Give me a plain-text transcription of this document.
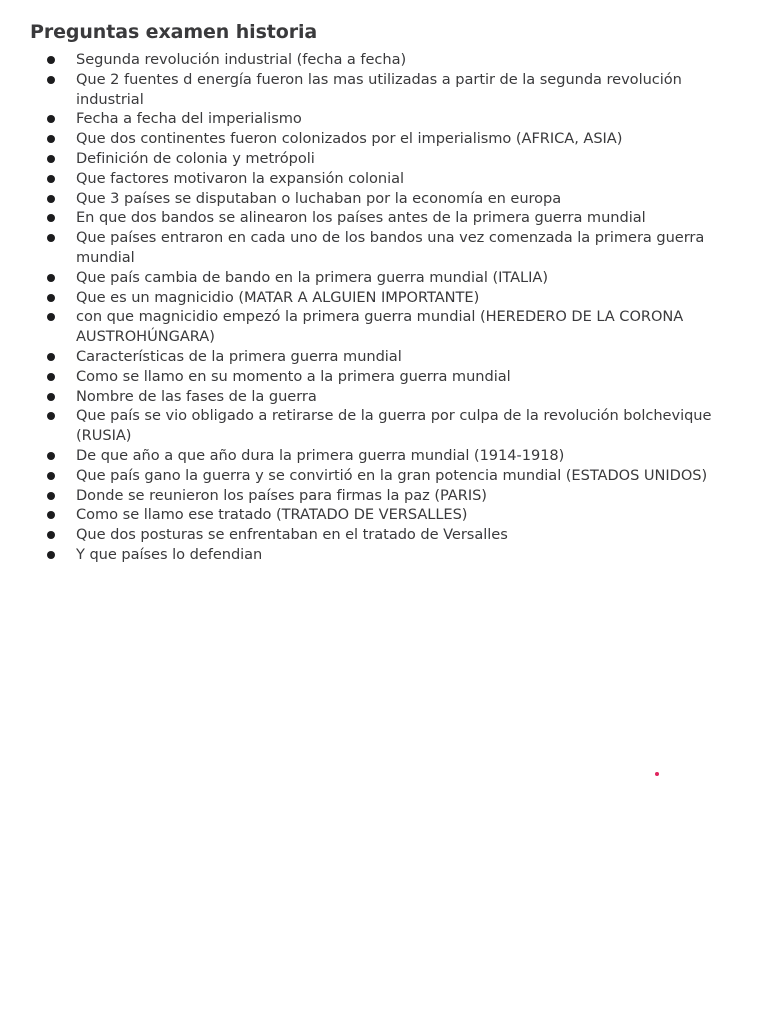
Preguntas examen historia
Segunda revolución industrial (fecha a fecha)
Que 2 fuentes d energía fueron las mas utilizadas a partir de la segunda revolución industrial
Fecha a fecha del imperialismo
Que dos continentes fueron colonizados por el imperialismo (AFRICA, ASIA)
Definición de colonia y metrópoli
Que factores motivaron la expansión colonial
Que 3 países se disputaban o luchaban por la economía en europa
En que dos bandos se alinearon los países antes de la primera guerra mundial
Que países entraron en cada uno de los bandos una vez comenzada la primera guerra mundial
Que país cambia de bando en la primera guerra mundial (ITALIA)
Que es un magnicidio (MATAR A ALGUIEN IMPORTANTE)
con que magnicidio empezó la primera guerra mundial (HEREDERO DE LA CORONA AUSTROHÚNGARA)
Características de la primera guerra mundial
Como se llamo en su momento a la primera guerra mundial
Nombre de las fases de la guerra
Que país se vio obligado a retirarse de la guerra por culpa de la revolución bolchevique (RUSIA)
De que año a que año dura la primera guerra mundial (1914-1918)
Que país gano la guerra y se convirtió en la gran potencia mundial (ESTADOS UNIDOS)
Donde se reunieron los países para firmas la paz (PARIS)
Como se llamo ese tratado (TRATADO DE VERSALLES)
Que dos posturas se enfrentaban en el tratado de Versalles
Y que países lo defendian
